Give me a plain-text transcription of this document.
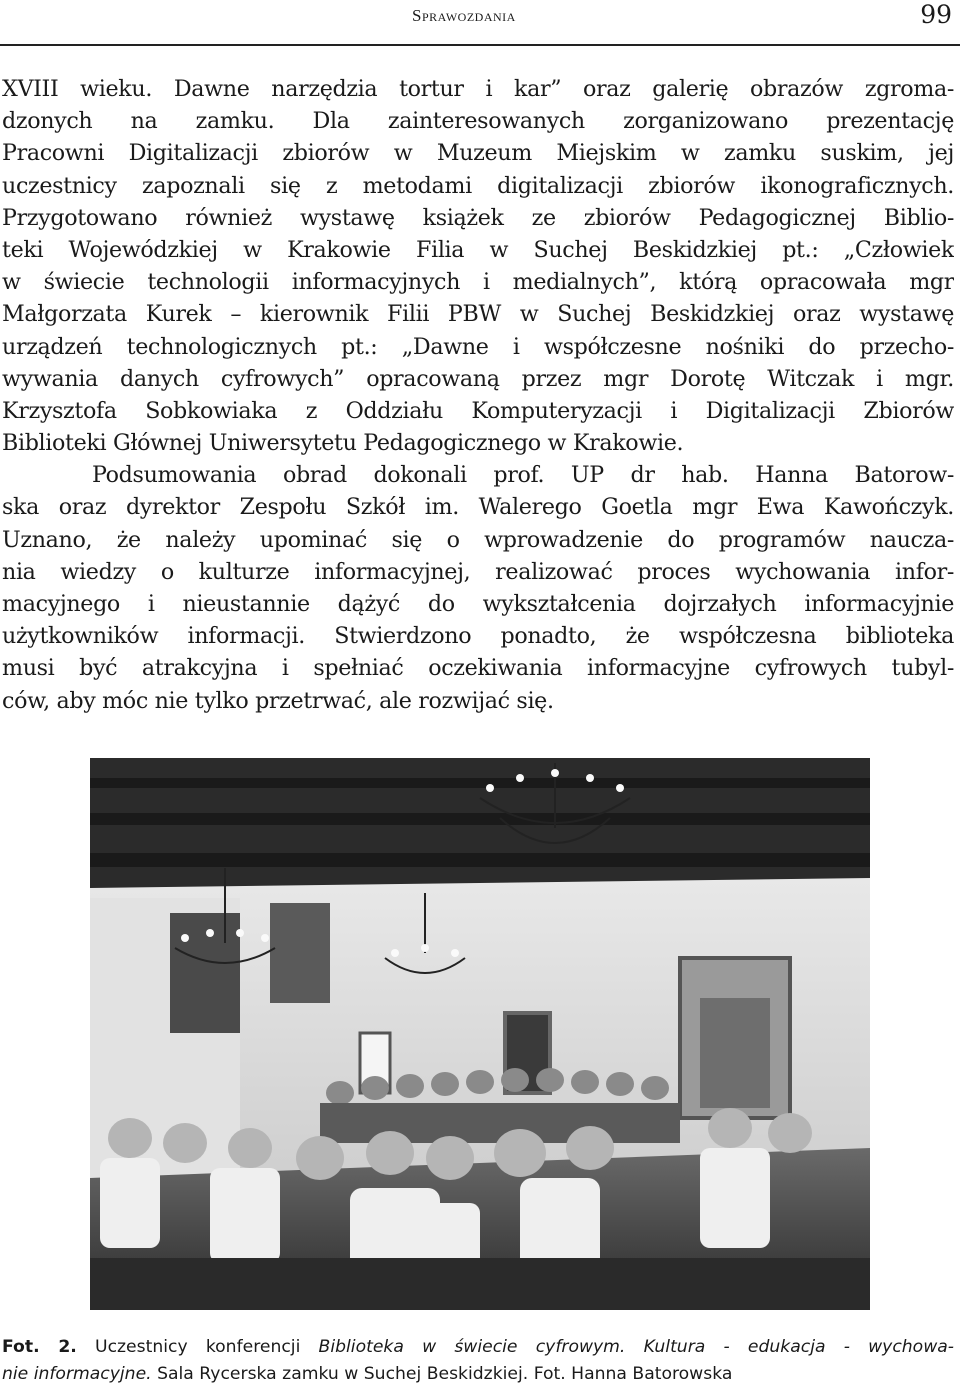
Sprawozdania	99
XVIII wieku. Dawne narzędzia tortur i kar” oraz galerię obrazów zgroma-
dzonych na zamku. Dla zainteresowanych zorganizowano prezentację
Pracowni Digitalizacji zbiorów w Muzeum Miejskim w zamku suskim, jej
uczestnicy zapoznali się z metodami digitalizacji zbiorów ikonograficznych.
Przygotowano również wystawę książek ze zbiorów Pedagogicznej Biblio-
teki Wojewódzkiej w Krakowie Filia w Suchej Beskidzkiej pt.: „Człowiek
w świecie technologii informacyjnych i medialnych”, którą opracowała mgr
Małgorzata Kurek – kierownik Filii PBW w Suchej Beskidzkiej oraz wystawę
urządzeń technologicznych pt.: „Dawne i współczesne nośniki do przecho-
wywania danych cyfrowych” opracowaną przez mgr Dorotę Witczak i mgr.
Krzysztofa Sobkowiaka z Oddziału Komputeryzacji i Digitalizacji Zbiorów
Biblioteki Głównej Uniwersytetu Pedagogicznego w Krakowie.
Podsumowania obrad dokonali prof. UP dr hab. Hanna Batorow-
ska oraz dyrektor Zespołu Szkół im. Walerego Goetla mgr Ewa Kawończyk.
Uznano, że należy upominać się o wprowadzenie do programów naucza-
nia wiedzy o kulturze informacyjnej, realizować proces wychowania infor-
macyjnego i nieustannie dążyć do wykształcenia dojrzałych informacyjnie
użytkowników informacji. Stwierdzono ponadto, że współczesna biblioteka
musi być atrakcyjna i spełniać oczekiwania informacyjne cyfrowych tubyl-
ców, aby móc nie tylko przetrwać, ale rozwijać się.
Fot. 2. Uczestnicy konferencji Biblioteka w świecie cyfrowym. Kultura - edukacja - wychowa-
nie informacyjne. Sala Rycerska zamku w Suchej Beskidzkiej. Fot. Hanna Batorowska
